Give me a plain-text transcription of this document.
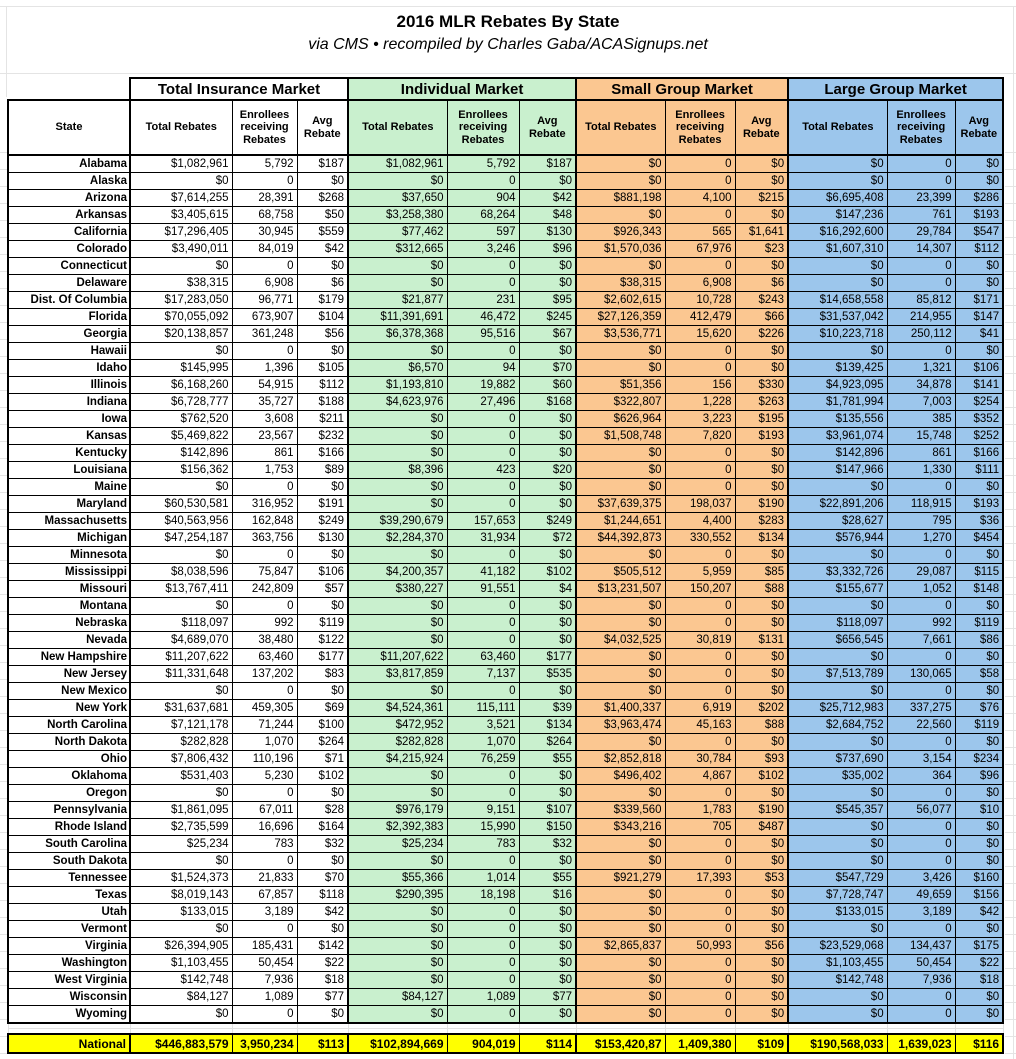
2016 MLR Rebates By State
via CMS • recompiled by Charles Gaba/ACASignups.net
	Total Insurance Market			Individual Market			Small Group Market			Large Group Market		
State	Total Rebates	Enrollees receiving Rebates	Avg Rebate	Total Rebates	Enrollees receiving Rebates	Avg Rebate	Total Rebates	Enrollees receiving Rebates	Avg Rebate	Total Rebates	Enrollees receiving Rebates	Avg Rebate
Alabama	$1,082,961	5,792	$187	$1,082,961	5,792	$187	$0	0	$0	$0	0	$0
Alaska	$0	0	$0	$0	0	$0	$0	0	$0	$0	0	$0
Arizona	$7,614,255	28,391	$268	$37,650	904	$42	$881,198	4,100	$215	$6,695,408	23,399	$286
Arkansas	$3,405,615	68,758	$50	$3,258,380	68,264	$48	$0	0	$0	$147,236	761	$193
California	$17,296,405	30,945	$559	$77,462	597	$130	$926,343	565	$1,641	$16,292,600	29,784	$547
Colorado	$3,490,011	84,019	$42	$312,665	3,246	$96	$1,570,036	67,976	$23	$1,607,310	14,307	$112
Connecticut	$0	0	$0	$0	0	$0	$0	0	$0	$0	0	$0
Delaware	$38,315	6,908	$6	$0	0	$0	$38,315	6,908	$6	$0	0	$0
Dist. Of Columbia	$17,283,050	96,771	$179	$21,877	231	$95	$2,602,615	10,728	$243	$14,658,558	85,812	$171
Florida	$70,055,092	673,907	$104	$11,391,691	46,472	$245	$27,126,359	412,479	$66	$31,537,042	214,955	$147
Georgia	$20,138,857	361,248	$56	$6,378,368	95,516	$67	$3,536,771	15,620	$226	$10,223,718	250,112	$41
Hawaii	$0	0	$0	$0	0	$0	$0	0	$0	$0	0	$0
Idaho	$145,995	1,396	$105	$6,570	94	$70	$0	0	$0	$139,425	1,321	$106
Illinois	$6,168,260	54,915	$112	$1,193,810	19,882	$60	$51,356	156	$330	$4,923,095	34,878	$141
Indiana	$6,728,777	35,727	$188	$4,623,976	27,496	$168	$322,807	1,228	$263	$1,781,994	7,003	$254
Iowa	$762,520	3,608	$211	$0	0	$0	$626,964	3,223	$195	$135,556	385	$352
Kansas	$5,469,822	23,567	$232	$0	0	$0	$1,508,748	7,820	$193	$3,961,074	15,748	$252
Kentucky	$142,896	861	$166	$0	0	$0	$0	0	$0	$142,896	861	$166
Louisiana	$156,362	1,753	$89	$8,396	423	$20	$0	0	$0	$147,966	1,330	$111
Maine	$0	0	$0	$0	0	$0	$0	0	$0	$0	0	$0
Maryland	$60,530,581	316,952	$191	$0	0	$0	$37,639,375	198,037	$190	$22,891,206	118,915	$193
Massachusetts	$40,563,956	162,848	$249	$39,290,679	157,653	$249	$1,244,651	4,400	$283	$28,627	795	$36
Michigan	$47,254,187	363,756	$130	$2,284,370	31,934	$72	$44,392,873	330,552	$134	$576,944	1,270	$454
Minnesota	$0	0	$0	$0	0	$0	$0	0	$0	$0	0	$0
Mississippi	$8,038,596	75,847	$106	$4,200,357	41,182	$102	$505,512	5,959	$85	$3,332,726	29,087	$115
Missouri	$13,767,411	242,809	$57	$380,227	91,551	$4	$13,231,507	150,207	$88	$155,677	1,052	$148
Montana	$0	0	$0	$0	0	$0	$0	0	$0	$0	0	$0
Nebraska	$118,097	992	$119	$0	0	$0	$0	0	$0	$118,097	992	$119
Nevada	$4,689,070	38,480	$122	$0	0	$0	$4,032,525	30,819	$131	$656,545	7,661	$86
New Hampshire	$11,207,622	63,460	$177	$11,207,622	63,460	$177	$0	0	$0	$0	0	$0
New Jersey	$11,331,648	137,202	$83	$3,817,859	7,137	$535	$0	0	$0	$7,513,789	130,065	$58
New Mexico	$0	0	$0	$0	0	$0	$0	0	$0	$0	0	$0
New York	$31,637,681	459,305	$69	$4,524,361	115,111	$39	$1,400,337	6,919	$202	$25,712,983	337,275	$76
North Carolina	$7,121,178	71,244	$100	$472,952	3,521	$134	$3,963,474	45,163	$88	$2,684,752	22,560	$119
North Dakota	$282,828	1,070	$264	$282,828	1,070	$264	$0	0	$0	$0	0	$0
Ohio	$7,806,432	110,196	$71	$4,215,924	76,259	$55	$2,852,818	30,784	$93	$737,690	3,154	$234
Oklahoma	$531,403	5,230	$102	$0	0	$0	$496,402	4,867	$102	$35,002	364	$96
Oregon	$0	0	$0	$0	0	$0	$0	0	$0	$0	0	$0
Pennsylvania	$1,861,095	67,011	$28	$976,179	9,151	$107	$339,560	1,783	$190	$545,357	56,077	$10
Rhode Island	$2,735,599	16,696	$164	$2,392,383	15,990	$150	$343,216	705	$487	$0	0	$0
South Carolina	$25,234	783	$32	$25,234	783	$32	$0	0	$0	$0	0	$0
South Dakota	$0	0	$0	$0	0	$0	$0	0	$0	$0	0	$0
Tennessee	$1,524,373	21,833	$70	$55,366	1,014	$55	$921,279	17,393	$53	$547,729	3,426	$160
Texas	$8,019,143	67,857	$118	$290,395	18,198	$16	$0	0	$0	$7,728,747	49,659	$156
Utah	$133,015	3,189	$42	$0	0	$0	$0	0	$0	$133,015	3,189	$42
Vermont	$0	0	$0	$0	0	$0	$0	0	$0	$0	0	$0
Virginia	$26,394,905	185,431	$142	$0	0	$0	$2,865,837	50,993	$56	$23,529,068	134,437	$175
Washington	$1,103,455	50,454	$22	$0	0	$0	$0	0	$0	$1,103,455	50,454	$22
West Virginia	$142,748	7,936	$18	$0	0	$0	$0	0	$0	$142,748	7,936	$18
Wisconsin	$84,127	1,089	$77	$84,127	1,089	$77	$0	0	$0	$0	0	$0
Wyoming	$0	0	$0	$0	0	$0	$0	0	$0	$0	0	$0

National	$446,883,579	3,950,234	$113	$102,894,669	904,019	$114	$153,420,87	1,409,380	$109	$190,568,033	1,639,023	$116
